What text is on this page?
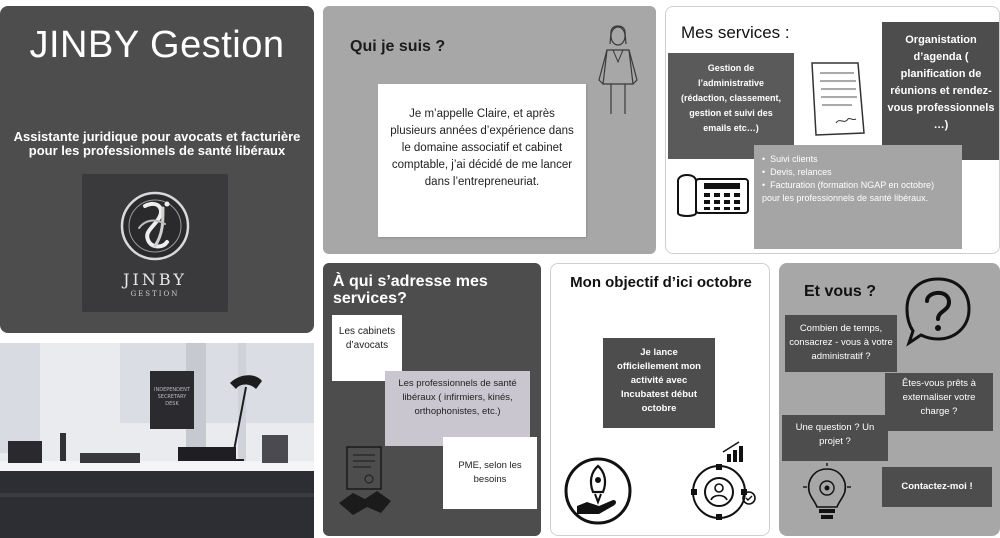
JINBY Gestion
Assistante juridique pour avocats et facturière pour les professionnels de santé libéraux
JINBY
GESTION
INDEPENDENT
SECRETARY
DESK
Qui je suis ?
Je m’appelle Claire, et après plusieurs années d’expérience dans le domaine associatif et cabinet comptable, j’ai décidé de me lancer dans l’entrepreneuriat.
Mes services :
Gestion de l’administrative (rédaction, classement, gestion et suivi des emails etc…)
Organistation d’agenda ( planification de réunions et rendez-vous professionnels …)
• Suivi clients
• Devis, relances
• Facturation (formation NGAP en octobre) pour les professionnels de santé libéraux.
À qui s’adresse mes services?
Les cabinets d’avocats
Les professionnels de santé libéraux ( infirmiers, kinés, orthophonistes, etc.)
PME, selon les besoins
Mon objectif d’ici octobre
Je lance officiellement mon activité avec Incubatest début octobre
Et vous ?
Combien de temps, consacrez - vous à votre administratif ?
Êtes-vous prêts à externaliser votre charge ?
Une question ? Un projet ?
Contactez-moi !
